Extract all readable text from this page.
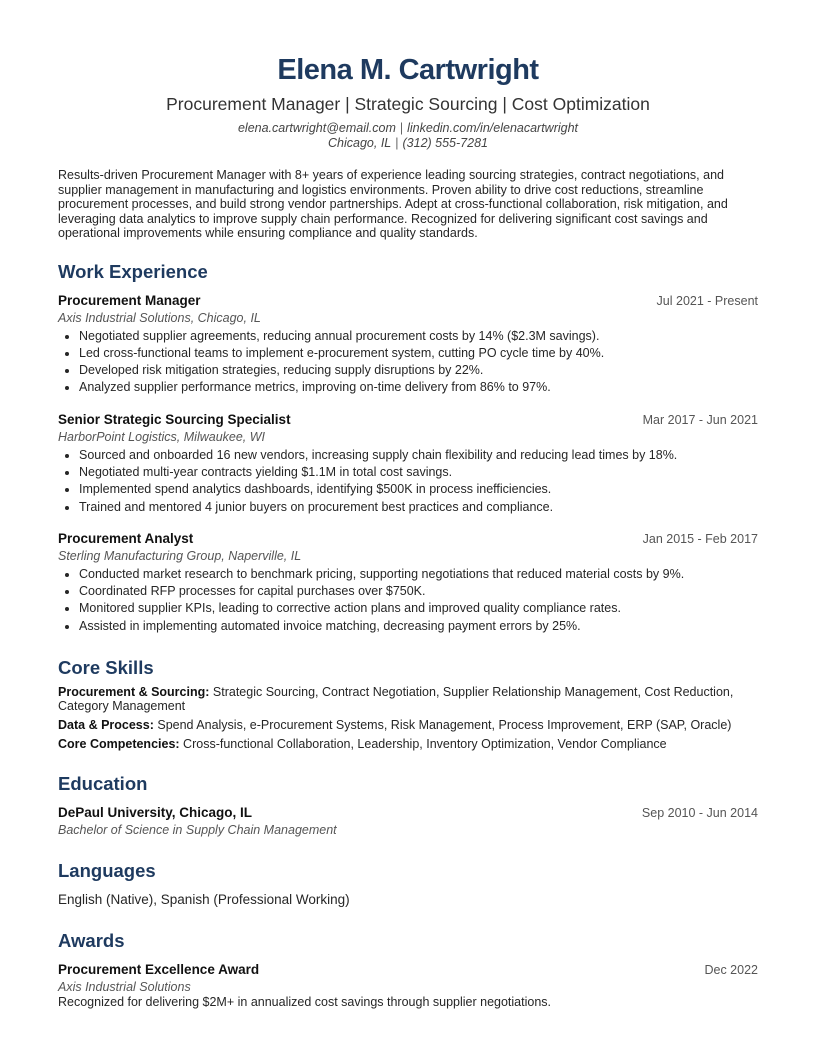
Elena M. Cartwright
Procurement Manager | Strategic Sourcing | Cost Optimization
elena.cartwright@email.com | linkedin.com/in/elenacartwright
Chicago, IL | (312) 555-7281
Results-driven Procurement Manager with 8+ years of experience leading sourcing strategies, contract negotiations, and supplier management in manufacturing and logistics environments. Proven ability to drive cost reductions, streamline procurement processes, and build strong vendor partnerships. Adept at cross-functional collaboration, risk mitigation, and leveraging data analytics to improve supply chain performance. Recognized for delivering significant cost savings and operational improvements while ensuring compliance and quality standards.
Work Experience
Procurement Manager	Jul 2021 - Present
Axis Industrial Solutions, Chicago, IL
• Negotiated supplier agreements, reducing annual procurement costs by 14% ($2.3M savings).
• Led cross-functional teams to implement e-procurement system, cutting PO cycle time by 40%.
• Developed risk mitigation strategies, reducing supply disruptions by 22%.
• Analyzed supplier performance metrics, improving on-time delivery from 86% to 97%.
Senior Strategic Sourcing Specialist	Mar 2017 - Jun 2021
HarborPoint Logistics, Milwaukee, WI
• Sourced and onboarded 16 new vendors, increasing supply chain flexibility and reducing lead times by 18%.
• Negotiated multi-year contracts yielding $1.1M in total cost savings.
• Implemented spend analytics dashboards, identifying $500K in process inefficiencies.
• Trained and mentored 4 junior buyers on procurement best practices and compliance.
Procurement Analyst	Jan 2015 - Feb 2017
Sterling Manufacturing Group, Naperville, IL
• Conducted market research to benchmark pricing, supporting negotiations that reduced material costs by 9%.
• Coordinated RFP processes for capital purchases over $750K.
• Monitored supplier KPIs, leading to corrective action plans and improved quality compliance rates.
• Assisted in implementing automated invoice matching, decreasing payment errors by 25%.
Core Skills
Procurement & Sourcing: Strategic Sourcing, Contract Negotiation, Supplier Relationship Management, Cost Reduction, Category Management
Data & Process: Spend Analysis, e-Procurement Systems, Risk Management, Process Improvement, ERP (SAP, Oracle)
Core Competencies: Cross-functional Collaboration, Leadership, Inventory Optimization, Vendor Compliance
Education
DePaul University, Chicago, IL	Sep 2010 - Jun 2014
Bachelor of Science in Supply Chain Management
Languages
English (Native), Spanish (Professional Working)
Awards
Procurement Excellence Award	Dec 2022
Axis Industrial Solutions
Recognized for delivering $2M+ in annualized cost savings through supplier negotiations.
